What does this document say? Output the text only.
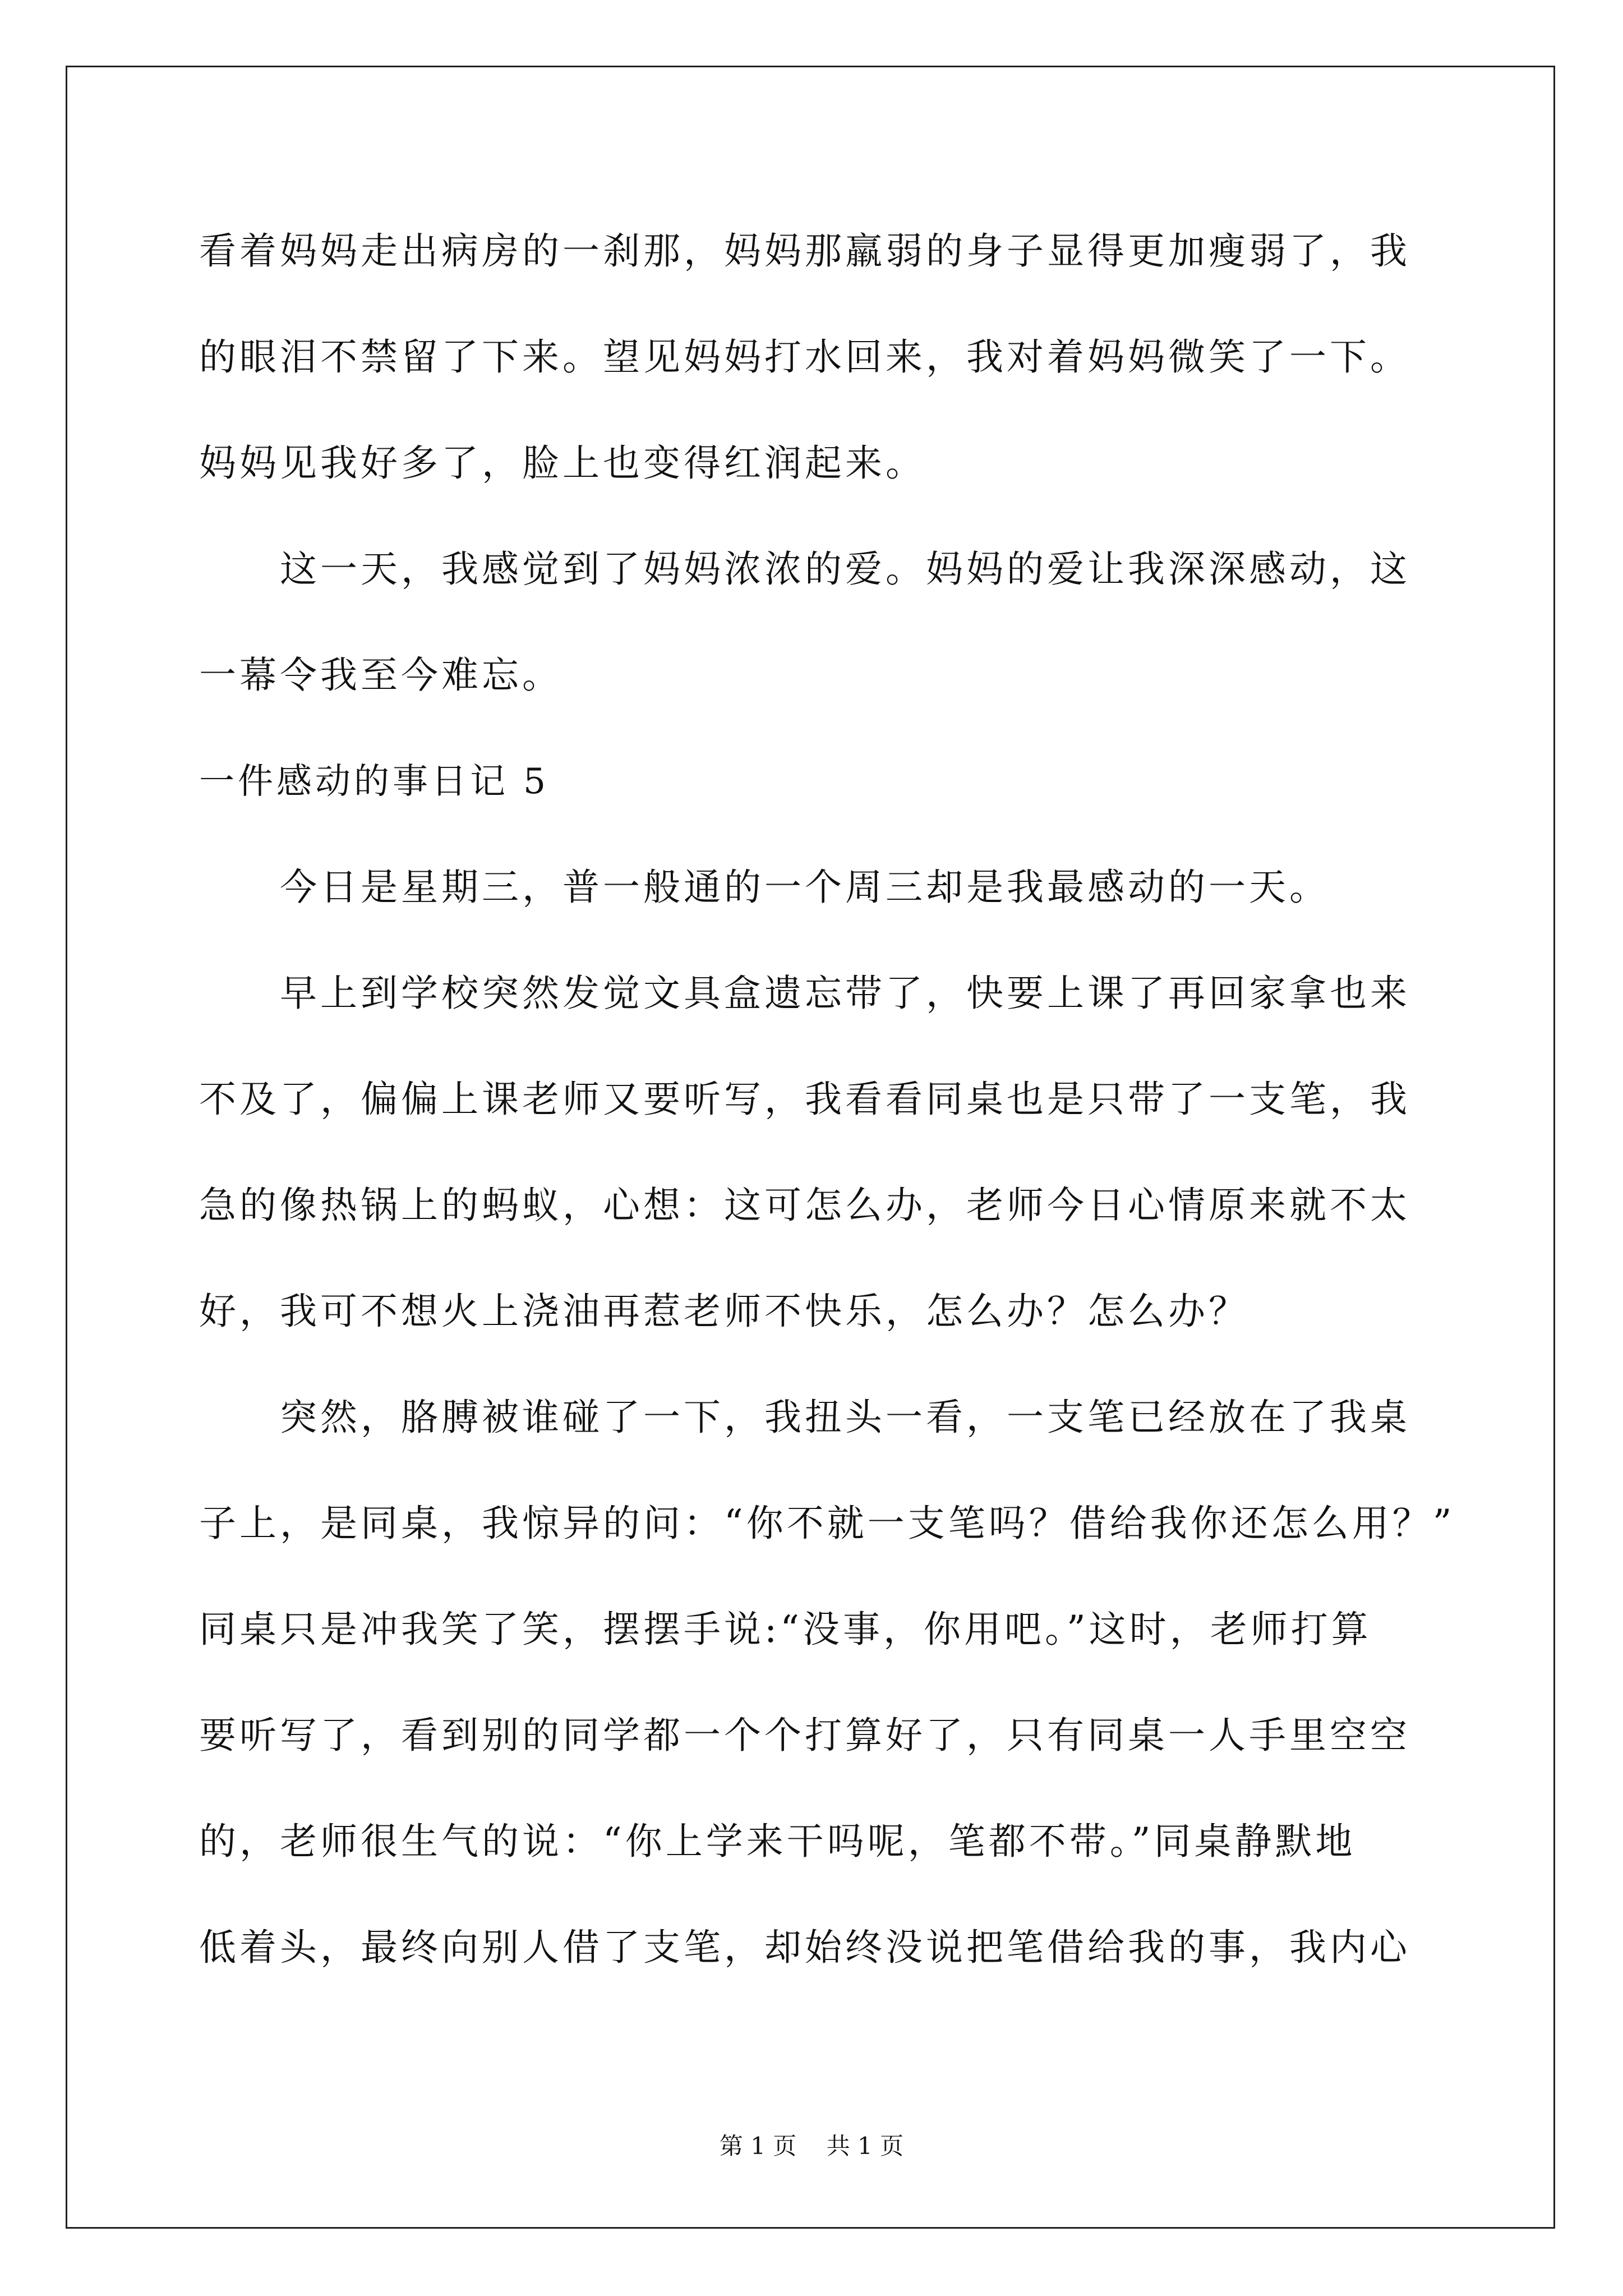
看着妈妈走出病房的一刹那，妈妈那羸弱的身子显得更加瘦弱了，我
的眼泪不禁留了下来。望见妈妈打水回来，我对着妈妈微笑了一下。
妈妈见我好多了，脸上也变得红润起来。
　　这一天，我感觉到了妈妈浓浓的爱。妈妈的爱让我深深感动，这
一幕令我至今难忘。
一件感动的事日记 5
　　今日是星期三，普一般通的一个周三却是我最感动的一天。
　　早上到学校突然发觉文具盒遗忘带了，快要上课了再回家拿也来
不及了，偏偏上课老师又要听写，我看看同桌也是只带了一支笔，我
急的像热锅上的蚂蚁，心想：这可怎么办，老师今日心情原来就不太
好，我可不想火上浇油再惹老师不快乐，怎么办？怎么办？
　　突然，胳膊被谁碰了一下，我扭头一看，一支笔已经放在了我桌
子上，是同桌，我惊异的问：“你不就一支笔吗？借给我你还怎么用？”
同桌只是冲我笑了笑，摆摆手说:“没事，你用吧。”这时，老师打算
要听写了，看到别的同学都一个个打算好了，只有同桌一人手里空空
的，老师很生气的说：“你上学来干吗呢，笔都不带。”同桌静默地
低着头，最终向别人借了支笔，却始终没说把笔借给我的事，我内心
第 1 页    共 1 页
